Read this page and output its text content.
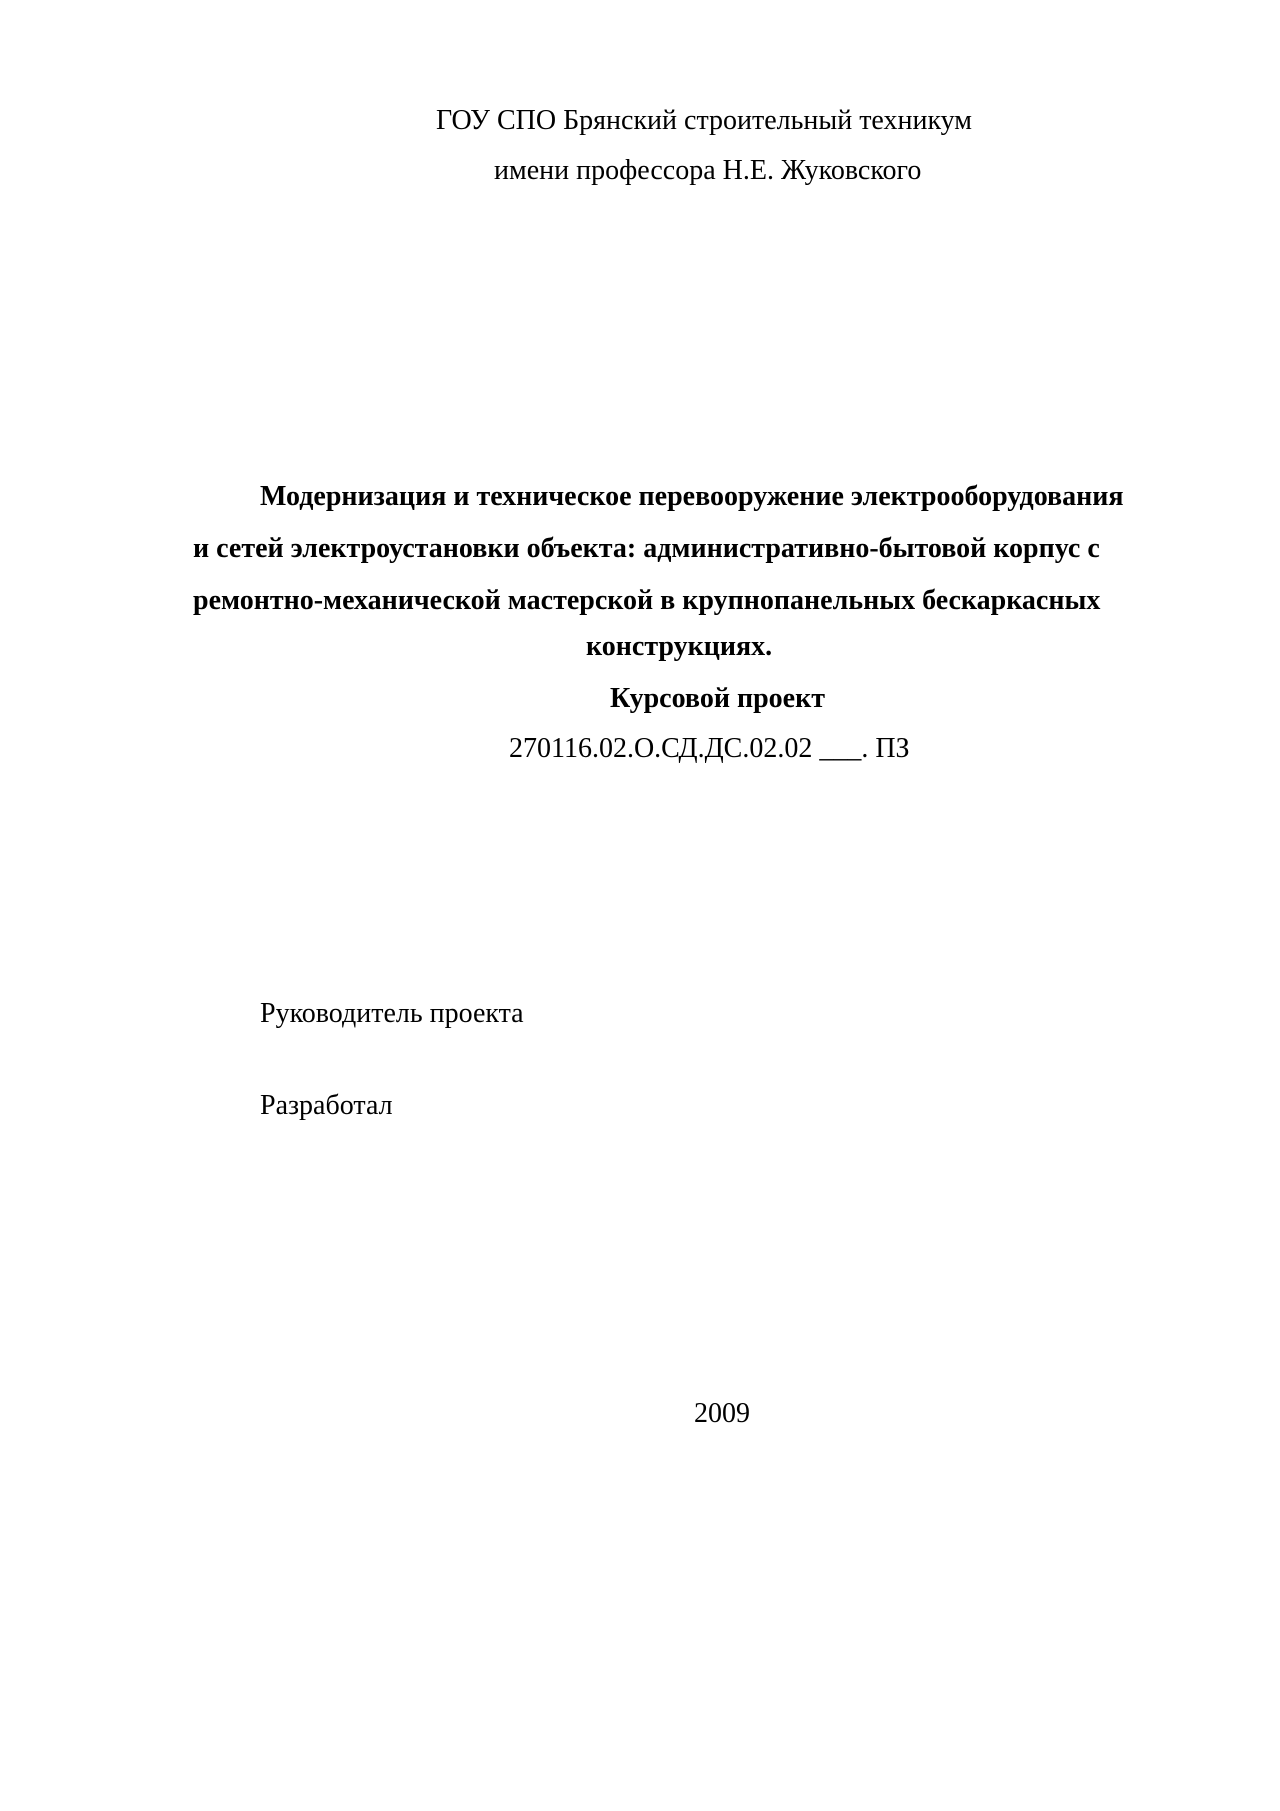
ГОУ СПО Брянский строительный техникум
имени профессора Н.Е. Жуковского
Модернизация и техническое перевооружение электрооборудования
и сетей электроустановки объекта: административно-бытовой корпус с
ремонтно-механической мастерской в крупнопанельных бескаркасных
конструкциях.
Курсовой проект
270116.02.О.СД.ДС.02.02 ___. ПЗ
Руководитель проекта
Разработал
2009
